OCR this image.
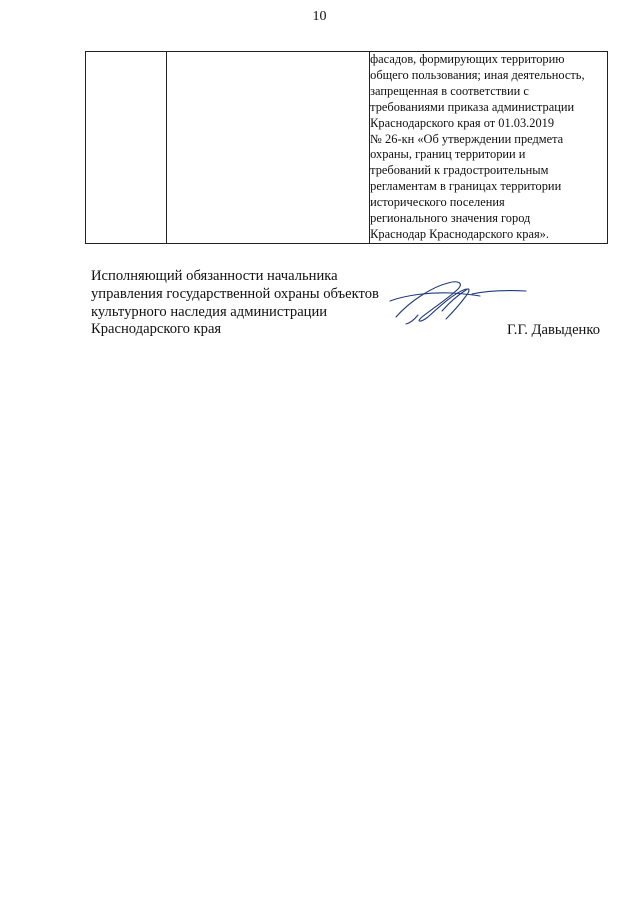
10

фасадов, формирующих территорию
общего пользования; иная деятельность,
запрещенная в соответствии с
требованиями приказа администрации
Краснодарского края от 01.03.2019
№ 26-кн «Об утверждении предмета
охраны, границ территории и
требований к градостроительным
регламентам в границах территории
исторического поселения
регионального значения город
Краснодар Краснодарского края».
Исполняющий обязанности начальника
управления государственной охраны объектов
культурного наследия администрации
Краснодарского края	Г.Г. Давыденко
